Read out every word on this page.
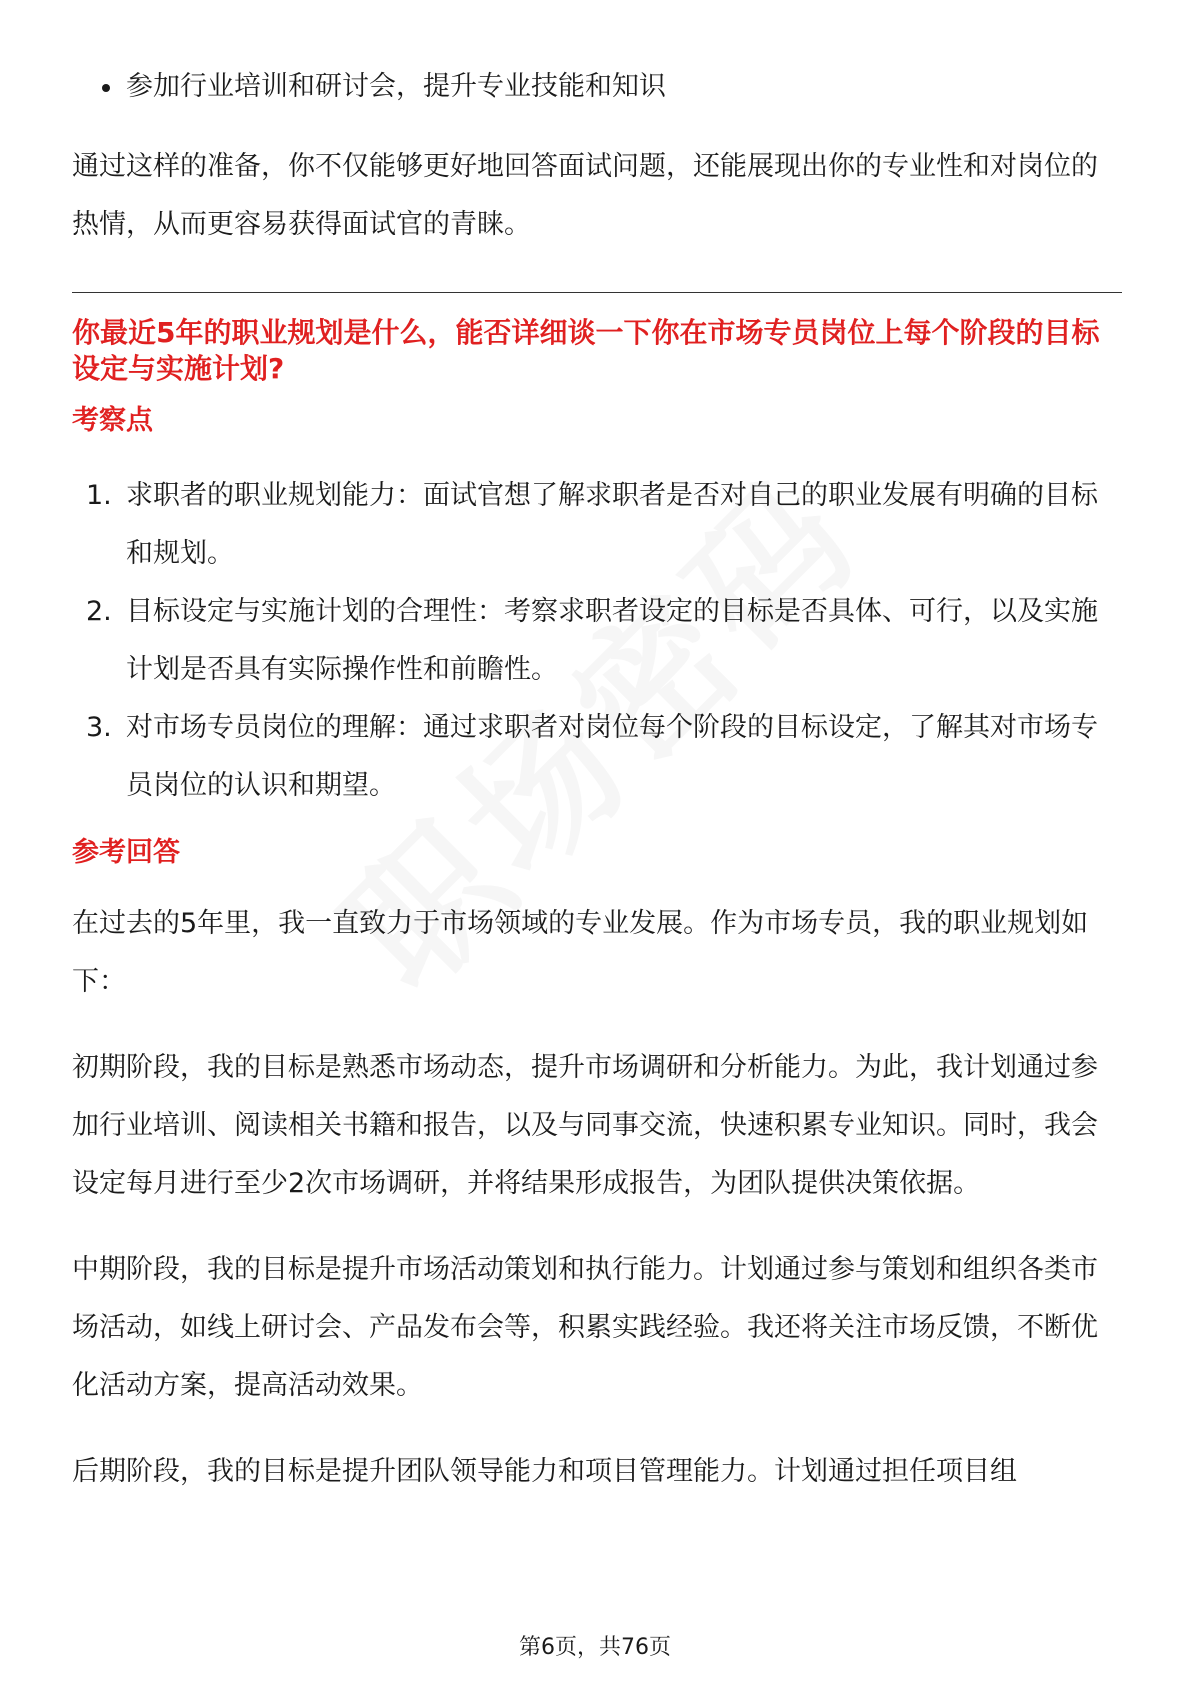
参加行业培训和研讨会，提升专业技能和知识

通过这样的准备，你不仅能够更好地回答面试问题，还能展现出你的专业性和对岗位的热情，从而更容易获得面试官的青睐。

你最近5年的职业规划是什么，能否详细谈一下你在市场专员岗位上每个阶段的目标设定与实施计划?

考察点
1. 求职者的职业规划能力：面试官想了解求职者是否对自己的职业发展有明确的目标和规划。
2. 目标设定与实施计划的合理性：考察求职者设定的目标是否具体、可行，以及实施计划是否具有实际操作性和前瞻性。
3. 对市场专员岗位的理解：通过求职者对岗位每个阶段的目标设定，了解其对市场专员岗位的认识和期望。
参考回答

在过去的5年里，我一直致力于市场领域的专业发展。作为市场专员，我的职业规划如下：

初期阶段，我的目标是熟悉市场动态，提升市场调研和分析能力。为此，我计划通过参加行业培训、阅读相关书籍和报告，以及与同事交流，快速积累专业知识。同时，我会设定每月进行至少2次市场调研，并将结果形成报告，为团队提供决策依据。

中期阶段，我的目标是提升市场活动策划和执行能力。计划通过参与策划和组织各类市场活动，如线上研讨会、产品发布会等，积累实践经验。我还将关注市场反馈，不断优化活动方案，提高活动效果。

后期阶段，我的目标是提升团队领导能力和项目管理能力。计划通过担任项目组

第6页，共76页
